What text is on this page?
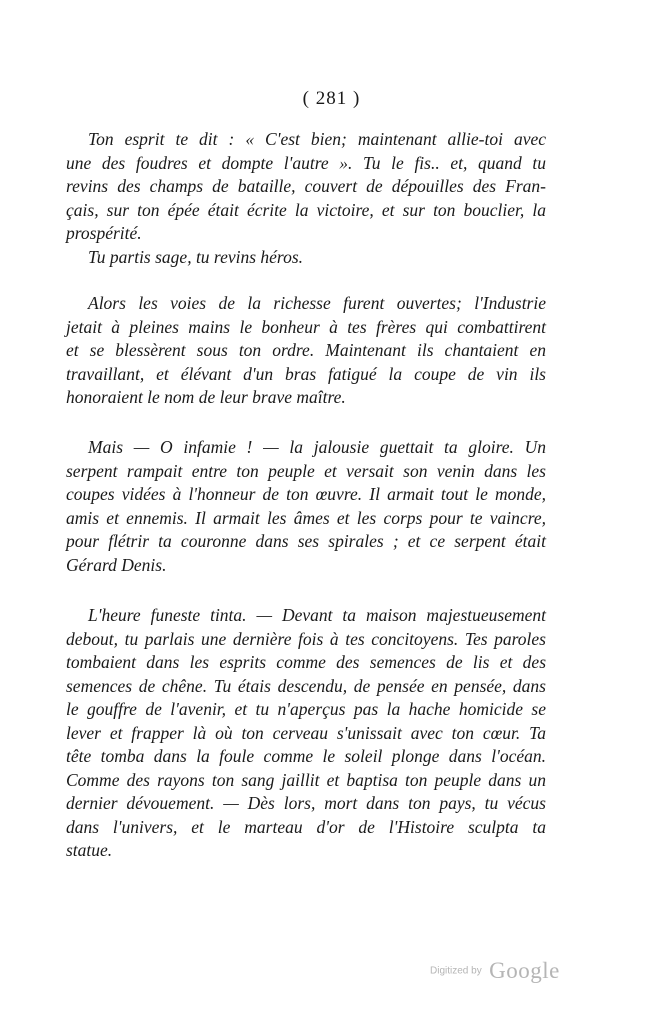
( 281 )
Ton esprit te dit : « C'est bien; maintenant allie-toi avec
une des foudres et dompte l'autre ». Tu le fis.. et, quand tu
revins des champs de bataille, couvert de dépouilles des Fran-
çais, sur ton épée était écrite la victoire, et sur ton bouclier, la
prospérité.
Tu partis sage, tu revins héros.
Alors les voies de la richesse furent ouvertes; l'Industrie
jetait à pleines mains le bonheur à tes frères qui combattirent
et se blessèrent sous ton ordre. Maintenant ils chantaient en
travaillant, et élévant d'un bras fatigué la coupe de vin ils
honoraient le nom de leur brave maître.
Mais — O infamie ! — la jalousie guettait ta gloire. Un
serpent rampait entre ton peuple et versait son venin dans les
coupes vidées à l'honneur de ton œuvre. Il armait tout le monde,
amis et ennemis. Il armait les âmes et les corps pour te vaincre,
pour flétrir ta couronne dans ses spirales ; et ce serpent était
Gérard Denis.
L'heure funeste tinta. — Devant ta maison majestueusement
debout, tu parlais une dernière fois à tes concitoyens. Tes paroles
tombaient dans les esprits comme des semences de lis et des
semences de chêne. Tu étais descendu, de pensée en pensée, dans
le gouffre de l'avenir, et tu n'aperçus pas la hache homicide se
lever et frapper là où ton cerveau s'unissait avec ton cœur. Ta
tête tomba dans la foule comme le soleil plonge dans l'océan.
Comme des rayons ton sang jaillit et baptisa ton peuple dans un
dernier dévouement. — Dès lors, mort dans ton pays, tu vécus
dans l'univers, et le marteau d'or de l'Histoire sculpta ta
statue.
Digitized by Google
